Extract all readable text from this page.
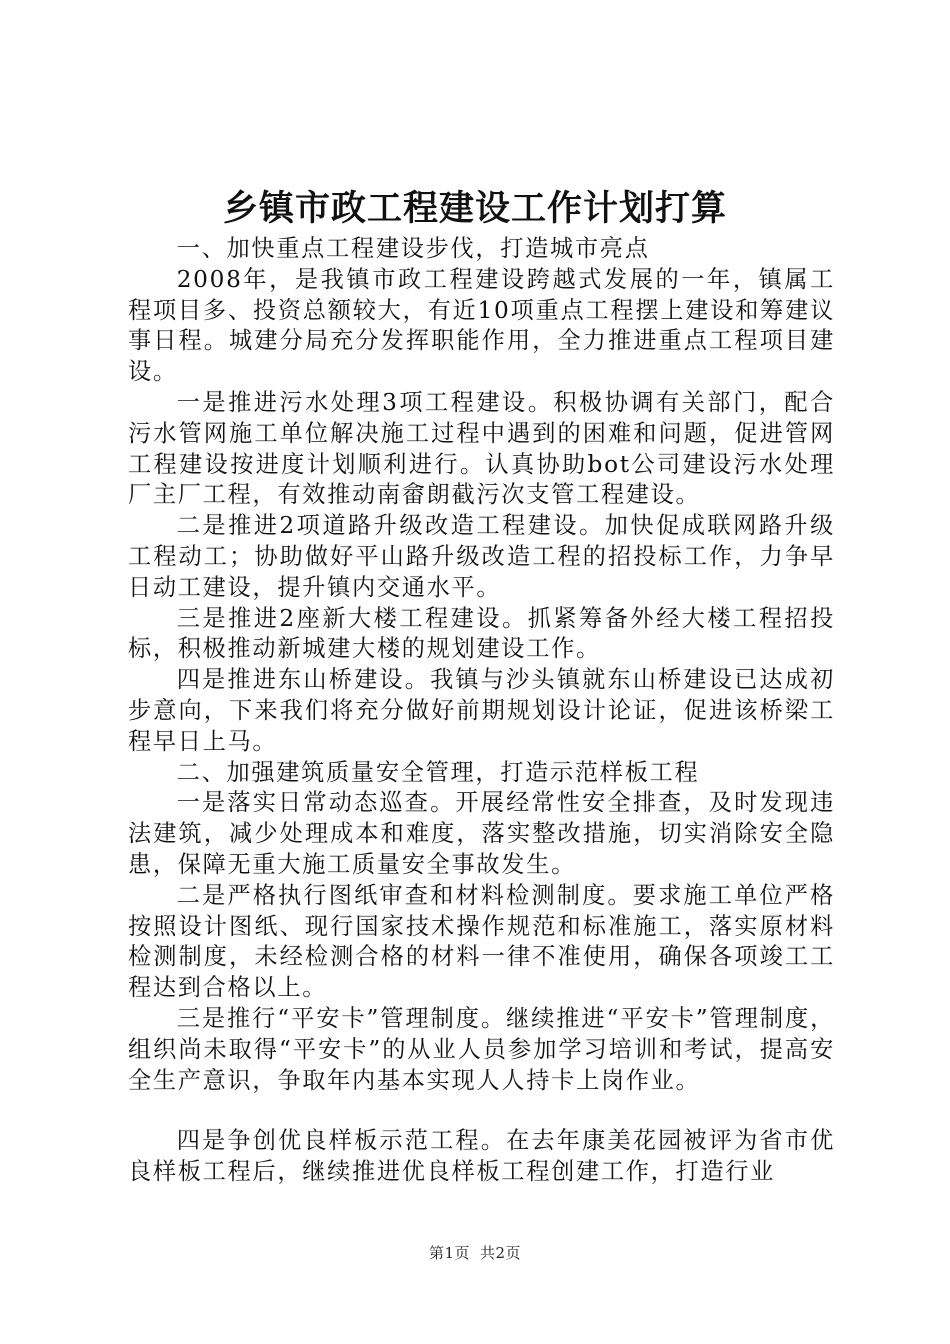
乡镇市政工程建设工作计划打算

一、加快重点工程建设步伐，打造城市亮点

2008年，是我镇市政工程建设跨越式发展的一年，镇属工程项目多、投资总额较大，有近10项重点工程摆上建设和筹建议事日程。城建分局充分发挥职能作用，全力推进重点工程项目建设。

一是推进污水处理3项工程建设。积极协调有关部门，配合污水管网施工单位解决施工过程中遇到的困难和问题，促进管网工程建设按进度计划顺利进行。认真协助bot公司建设污水处理厂主厂工程，有效推动南畲朗截污次支管工程建设。

二是推进2项道路升级改造工程建设。加快促成联网路升级工程动工；协助做好平山路升级改造工程的招投标工作，力争早日动工建设，提升镇内交通水平。

三是推进2座新大楼工程建设。抓紧筹备外经大楼工程招投标，积极推动新城建大楼的规划建设工作。

四是推进东山桥建设。我镇与沙头镇就东山桥建设已达成初步意向，下来我们将充分做好前期规划设计论证，促进该桥梁工程早日上马。

二、加强建筑质量安全管理，打造示范样板工程

一是落实日常动态巡查。开展经常性安全排查，及时发现违法建筑，减少处理成本和难度，落实整改措施，切实消除安全隐患，保障无重大施工质量安全事故发生。

二是严格执行图纸审查和材料检测制度。要求施工单位严格按照设计图纸、现行国家技术操作规范和标准施工，落实原材料检测制度，未经检测合格的材料一律不准使用，确保各项竣工工程达到合格以上。

三是推行“平安卡”管理制度。继续推进“平安卡”管理制度，组织尚未取得“平安卡”的从业人员参加学习培训和考试，提高安全生产意识，争取年内基本实现人人持卡上岗作业。

四是争创优良样板示范工程。在去年康美花园被评为省市优良样板工程后，继续推进优良样板工程创建工作，打造行业

第1页 共2页
